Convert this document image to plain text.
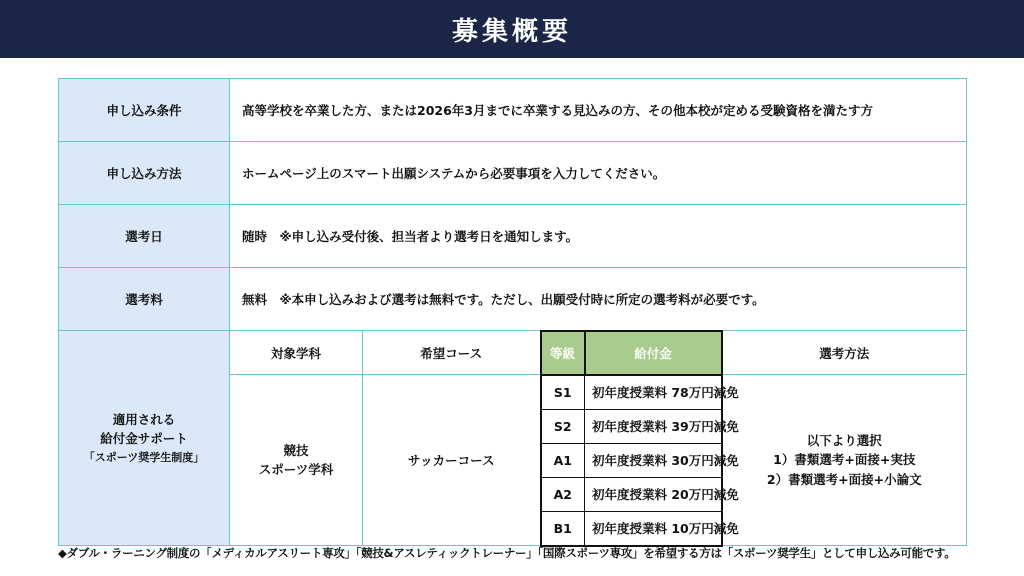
募集概要
申し込み条件	高等学校を卒業した方、または2026年3月までに卒業する見込みの方、その他本校が定める受験資格を満たす方				
申し込み方法	ホームページ上のスマート出願システムから必要事項を入力してください。				
選考日	随時　※申し込み受付後、担当者より選考日を通知します。				
選考料	無料　※本申し込みおよび選考は無料です。ただし、出願受付時に所定の選考料が必要です。				

適用される
給付金サポート
「スポーツ奨学生制度」	対象学科	希望コース	等級	給付金	選考方法

	競技
スポーツ学科	サッカーコース	S1	初年度授業料 78万円減免	以下より選択
1）書類選考+面接+実技
2）書類選考+面接+小論文

			S2	初年度授業料 39万円減免	
			A1	初年度授業料 30万円減免	
			A2	初年度授業料 20万円減免	
			B1	初年度授業料 10万円減免	
◆ダブル・ラーニング制度の「メディカルアスリート専攻」「競技&アスレティックトレーナー」「国際スポーツ専攻」を希望する方は「スポーツ奨学生」として申し込み可能です。
